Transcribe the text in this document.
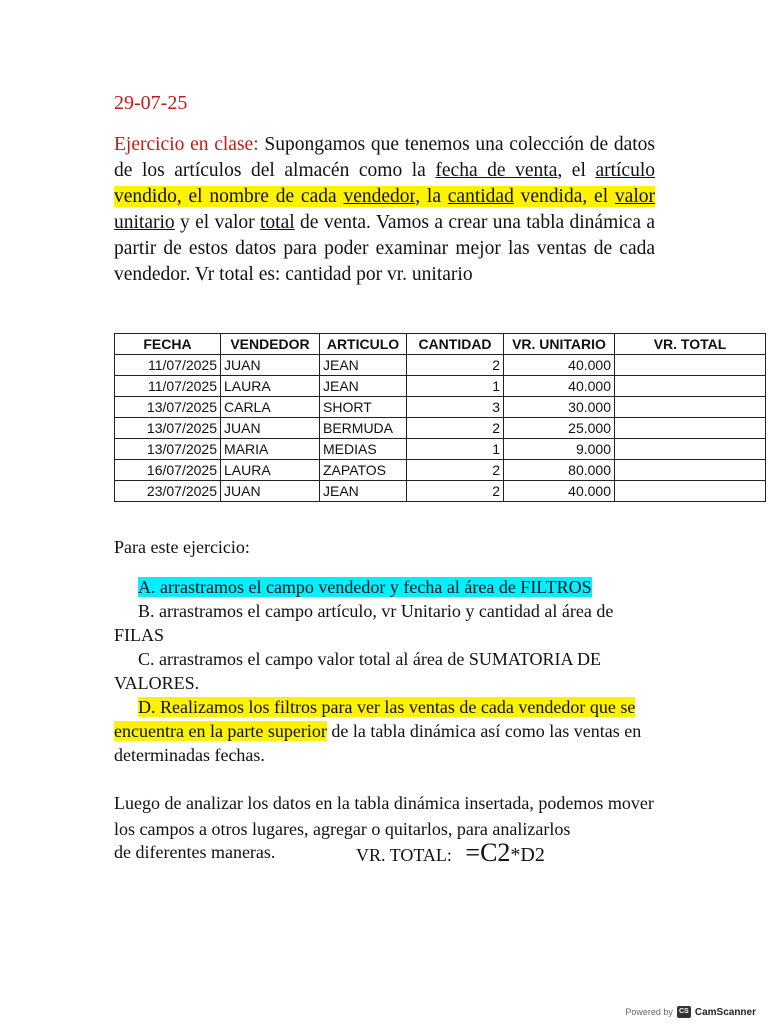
29-07-25
Ejercicio en clase: Supongamos que tenemos una colección de datos de los artículos del almacén como la fecha de venta, el artículo vendido, el nombre de cada vendedor, la cantidad vendida, el valor unitario y el valor total de venta. Vamos a crear una tabla dinámica a partir de estos datos para poder examinar mejor las ventas de cada vendedor. Vr total es: cantidad por vr. unitario
FECHA	VENDEDOR	ARTICULO	CANTIDAD	VR. UNITARIO	VR. TOTAL
11/07/2025	JUAN	JEAN	2	40.000	
11/07/2025	LAURA	JEAN	1	40.000	
13/07/2025	CARLA	SHORT	3	30.000	
13/07/2025	JUAN	BERMUDA	2	25.000	
13/07/2025	MARIA	MEDIAS	1	9.000	
16/07/2025	LAURA	ZAPATOS	2	80.000	
23/07/2025	JUAN	JEAN	2	40.000	
Para este ejercicio:
A. arrastramos el campo vendedor y fecha al área de FILTROS
B. arrastramos el campo artículo, vr Unitario y cantidad al área de FILAS
C. arrastramos el campo valor total al área de SUMATORIA DE VALORES.
D. Realizamos los filtros para ver las ventas de cada vendedor que se encuentra en la parte superior de la tabla dinámica así como las ventas en determinadas fechas.
Luego de analizar los datos en la tabla dinámica insertada, podemos mover los campos a otros lugares, agregar o quitarlos, para analizarlos
de diferentes maneras.	VR. TOTAL: =C2*D2
Powered by CS CamScanner
